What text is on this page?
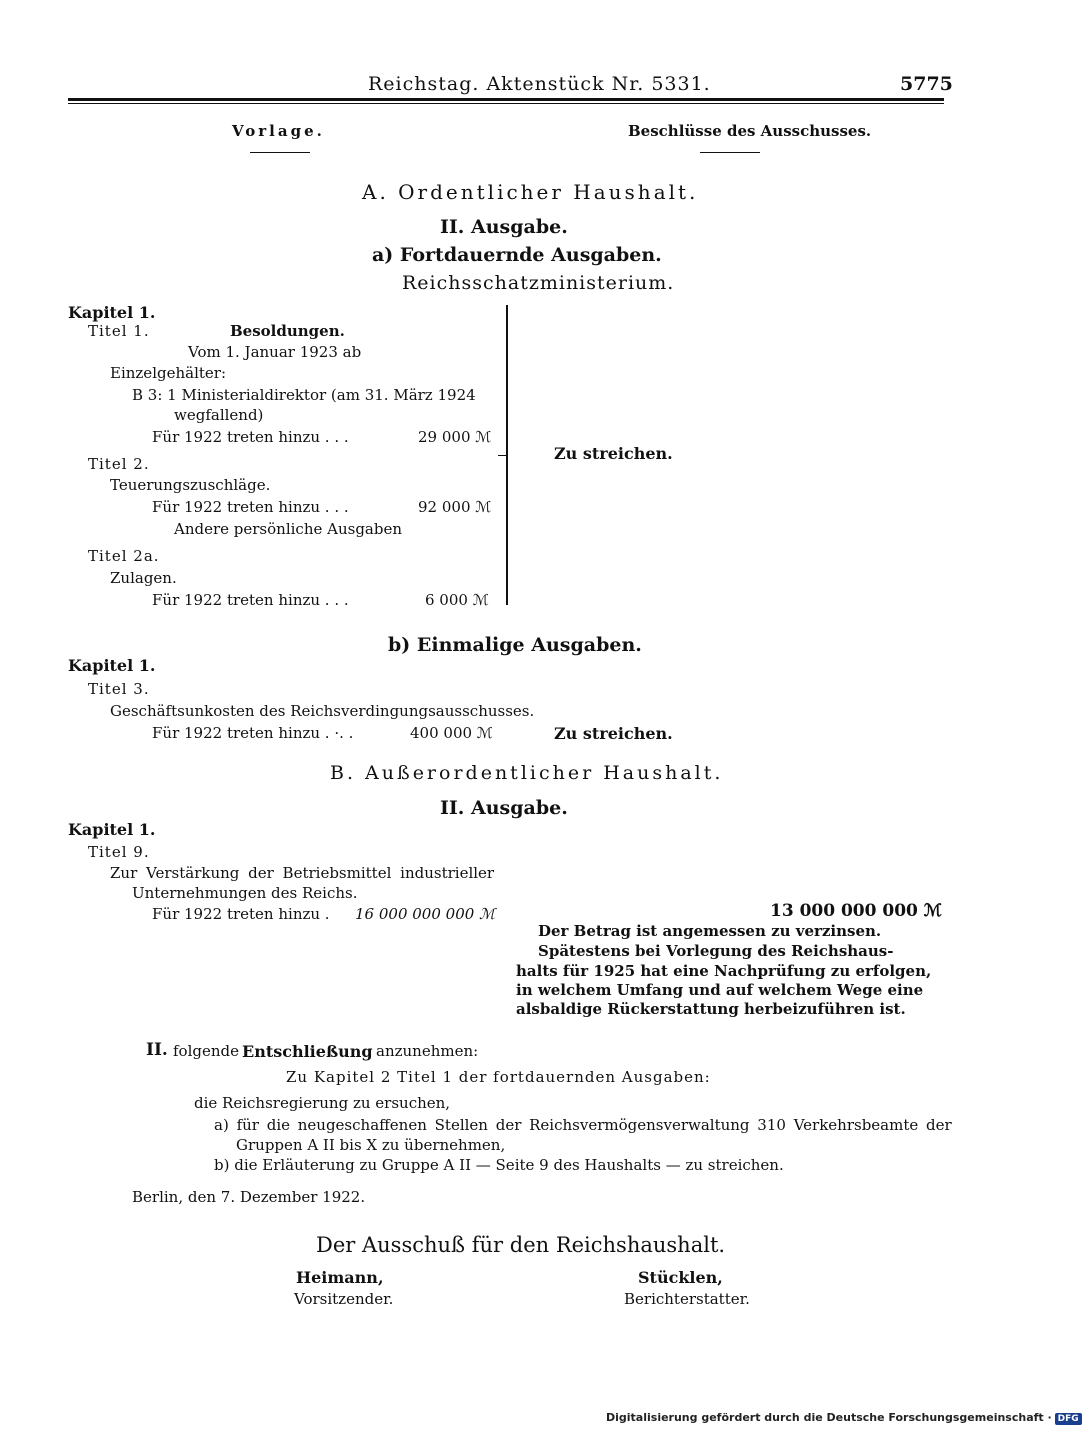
Reichstag. Aktenstück Nr. 5331.	5775
Vorlage.	Beschlüsse des Ausschusses.
A. Ordentlicher Haushalt.
II. Ausgabe.
a) Fortdauernde Ausgaben.
Reichsschatzministerium.
Kapitel 1.
Titel 1.	Besoldungen.
Vom 1. Januar 1923 ab
Einzelgehälter:
B 3: 1 Ministerialdirektor (am 31. März 1924
wegfallend)
Für 1922 treten hinzu . . .	29 000 ℳ
Titel 2.
Teuerungszuschläge.
Für 1922 treten hinzu . . .	92 000 ℳ
Andere persönliche Ausgaben
Titel 2a.
Zulagen.
Für 1922 treten hinzu . . .	6 000 ℳ
Zu streichen.
b) Einmalige Ausgaben.
Kapitel 1.
Titel 3.
Geschäftsunkosten des Reichsverdingungsausschusses.
Für 1922 treten hinzu . ·. .	400 000 ℳ	Zu streichen.
B. Außerordentlicher Haushalt.
II. Ausgabe.
Kapitel 1.
Titel 9.
Zur Verstärkung der Betriebsmittel industrieller
Unternehmungen des Reichs.
Für 1922 treten hinzu . 16 000 000 000 ℳ	13 000 000 000 ℳ
Der Betrag ist angemessen zu verzinsen.
Spätestens bei Vorlegung des Reichshaus-
halts für 1925 hat eine Nachprüfung zu erfolgen,
in welchem Umfang und auf welchem Wege eine
alsbaldige Rückerstattung herbeizuführen ist.
II. folgende Entschließung anzunehmen:
Zu Kapitel 2 Titel 1 der fortdauernden Ausgaben:
die Reichsregierung zu ersuchen,
a) für die neugeschaffenen Stellen der Reichsvermögensverwaltung 310 Verkehrsbeamte der
Gruppen A II bis X zu übernehmen,
b) die Erläuterung zu Gruppe A II — Seite 9 des Haushalts — zu streichen.
Berlin, den 7. Dezember 1922.
Der Ausschuß für den Reichshaushalt.
Heimann,
Vorsitzender.
Stücklen,
Berichterstatter.
Digitalisierung gefördert durch die Deutsche Forschungsgemeinschaft · DFG
